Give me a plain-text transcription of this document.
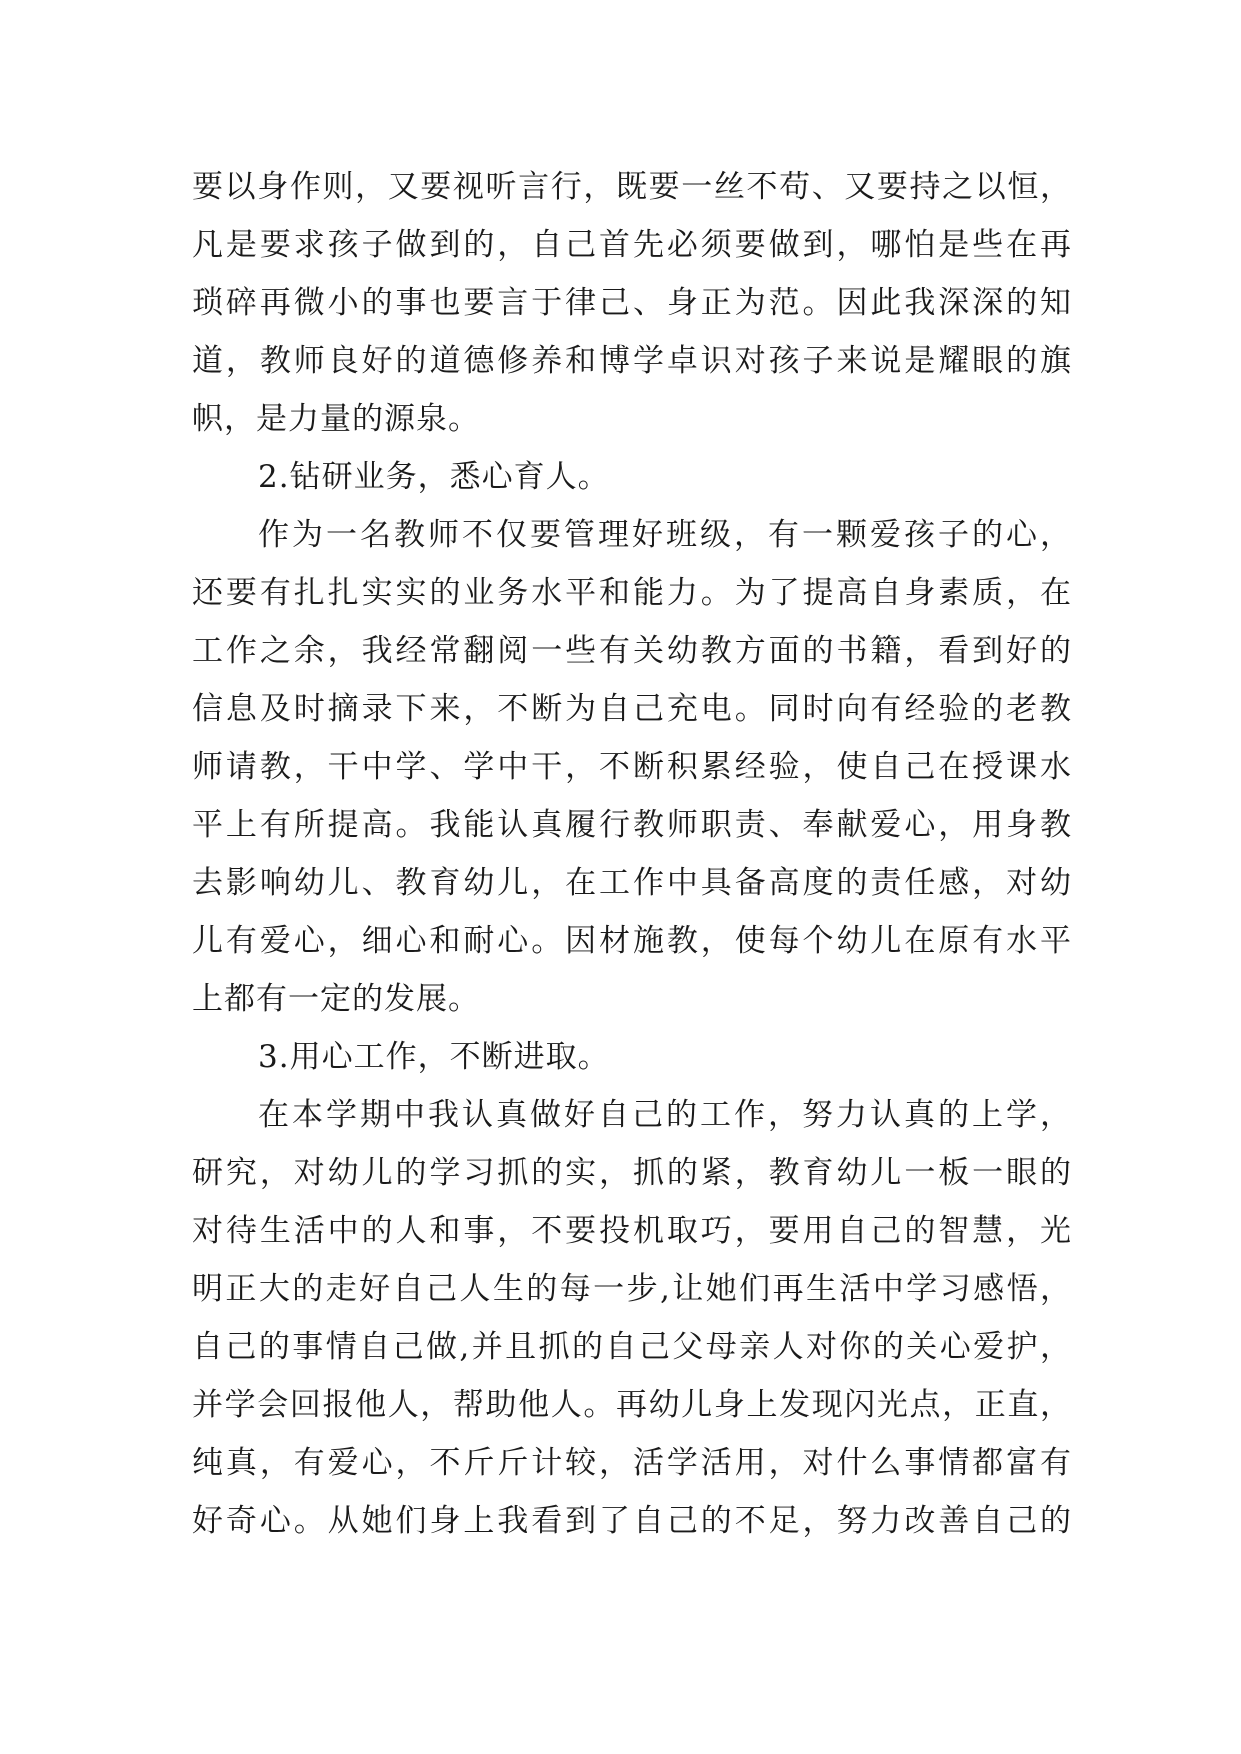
要以身作则，又要视听言行，既要一丝不苟、又要持之以恒，
凡是要求孩子做到的，自己首先必须要做到，哪怕是些在再
琐碎再微小的事也要言于律己、身正为范。因此我深深的知
道，教师良好的道德修养和博学卓识对孩子来说是耀眼的旗
帜，是力量的源泉。
2.钻研业务，悉心育人。
作为一名教师不仅要管理好班级，有一颗爱孩子的心，
还要有扎扎实实的业务水平和能力。为了提高自身素质，在
工作之余，我经常翻阅一些有关幼教方面的书籍，看到好的
信息及时摘录下来，不断为自己充电。同时向有经验的老教
师请教，干中学、学中干，不断积累经验，使自己在授课水
平上有所提高。我能认真履行教师职责、奉献爱心，用身教
去影响幼儿、教育幼儿，在工作中具备高度的责任感，对幼
儿有爱心，细心和耐心。因材施教，使每个幼儿在原有水平
上都有一定的发展。
3.用心工作，不断进取。
在本学期中我认真做好自己的工作，努力认真的上学，
研究，对幼儿的学习抓的实，抓的紧，教育幼儿一板一眼的
对待生活中的人和事，不要投机取巧，要用自己的智慧，光
明正大的走好自己人生的每一步,让她们再生活中学习感悟，
自己的事情自己做,并且抓的自己父母亲人对你的关心爱护，
并学会回报他人，帮助他人。再幼儿身上发现闪光点，正直，
纯真，有爱心，不斤斤计较，活学活用，对什么事情都富有
好奇心。从她们身上我看到了自己的不足，努力改善自己的
